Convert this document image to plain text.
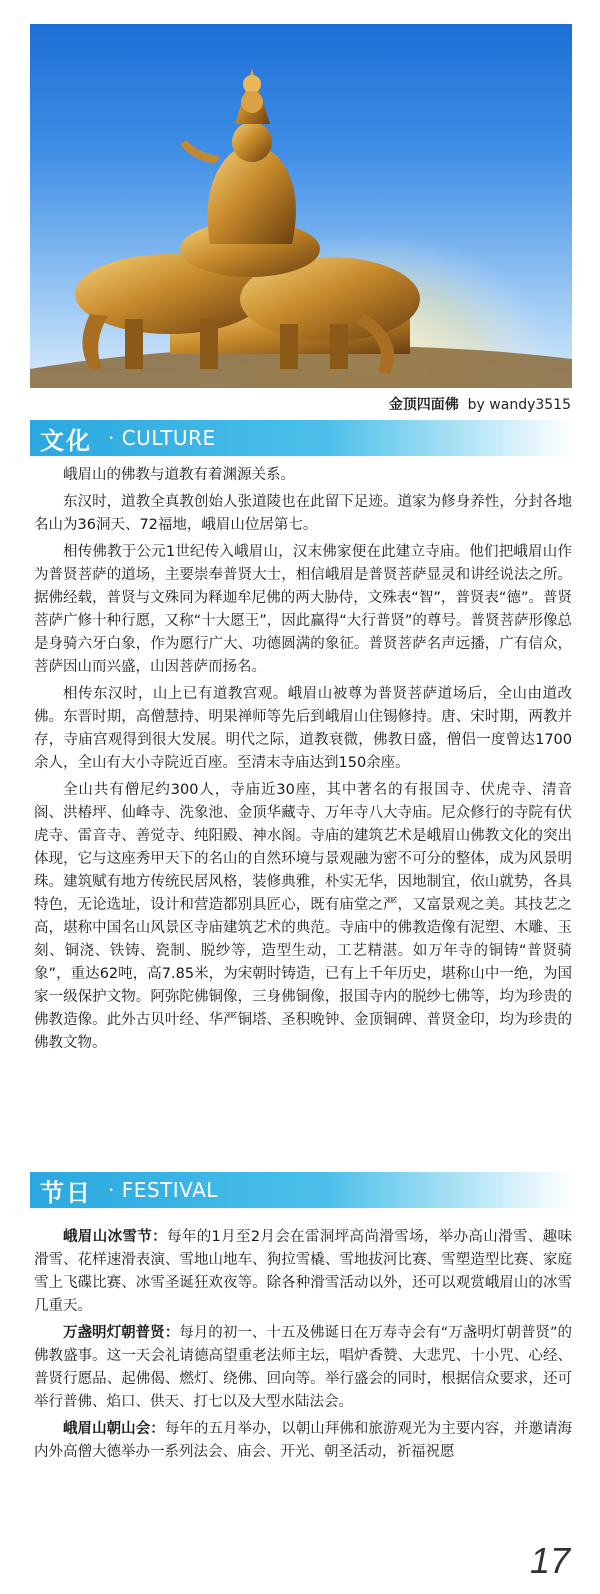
金顶四面佛 by wandy3515
文化 · CULTURE

峨眉山的佛教与道教有着渊源关系。

东汉时，道教全真教创始人张道陵也在此留下足迹。道家为修身养性，分封各地名山为36洞天、72福地，峨眉山位居第七。

相传佛教于公元1世纪传入峨眉山，汉末佛家便在此建立寺庙。他们把峨眉山作为普贤菩萨的道场，主要崇奉普贤大士，相信峨眉是普贤菩萨显灵和讲经说法之所。据佛经载，普贤与文殊同为释迦牟尼佛的两大胁侍，文殊表“智”，普贤表“德”。普贤菩萨广修十种行愿，又称“十大愿王”，因此赢得“大行普贤”的尊号。普贤菩萨形像总是身骑六牙白象，作为愿行广大、功德圆满的象征。普贤菩萨名声远播，广有信众，菩萨因山而兴盛，山因菩萨而扬名。

相传东汉时，山上已有道教宫观。峨眉山被尊为普贤菩萨道场后，全山由道改佛。东晋时期，高僧慧持、明果禅师等先后到峨眉山住锡修持。唐、宋时期，两教并存，寺庙宫观得到很大发展。明代之际，道教衰微，佛教日盛，僧侣一度曾达1700余人，全山有大小寺院近百座。至清末寺庙达到150余座。

全山共有僧尼约300人，寺庙近30座，其中著名的有报国寺、伏虎寺、清音阁、洪椿坪、仙峰寺、洗象池、金顶华藏寺、万年寺八大寺庙。尼众修行的寺院有伏虎寺、雷音寺、善觉寺、纯阳殿、神水阁。寺庙的建筑艺术是峨眉山佛教文化的突出体现，它与这座秀甲天下的名山的自然环境与景观融为密不可分的整体，成为风景明珠。建筑赋有地方传统民居风格，装修典雅，朴实无华，因地制宜，依山就势，各具特色，无论选址，设计和营造都别具匠心，既有庙堂之严，又富景观之美。其技艺之高，堪称中国名山风景区寺庙建筑艺术的典范。寺庙中的佛教造像有泥塑、木雕、玉刻、铜浇、铁铸、瓷制、脱纱等，造型生动，工艺精湛。如万年寺的铜铸“普贤骑象”，重达62吨，高7.85米，为宋朝时铸造，已有上千年历史，堪称山中一绝，为国家一级保护文物。阿弥陀佛铜像，三身佛铜像，报国寺内的脱纱七佛等，均为珍贵的佛教造像。此外古贝叶经、华严铜塔、圣积晚钟、金顶铜碑、普贤金印，均为珍贵的佛教文物。

节日 · FESTIVAL

峨眉山冰雪节：每年的1月至2月会在雷洞坪高尚滑雪场，举办高山滑雪、趣味滑雪、花样速滑表演、雪地山地车、狗拉雪橇、雪地拔河比赛、雪塑造型比赛、家庭雪上飞碟比赛、冰雪圣诞狂欢夜等。除各种滑雪活动以外，还可以观赏峨眉山的冰雪几重天。

万盏明灯朝普贤：每月的初一、十五及佛诞日在万寿寺会有“万盏明灯朝普贤”的佛教盛事。这一天会礼请德高望重老法师主坛，唱炉香赞、大悲咒、十小咒、心经、普贤行愿品、起佛偈、燃灯、绕佛、回向等。举行盛会的同时，根据信众要求，还可举行普佛、焰口、供天、打七以及大型水陆法会。

峨眉山朝山会：每年的五月举办，以朝山拜佛和旅游观光为主要内容，并邀请海内外高僧大德举办一系列法会、庙会、开光、朝圣活动，祈福祝愿

17
